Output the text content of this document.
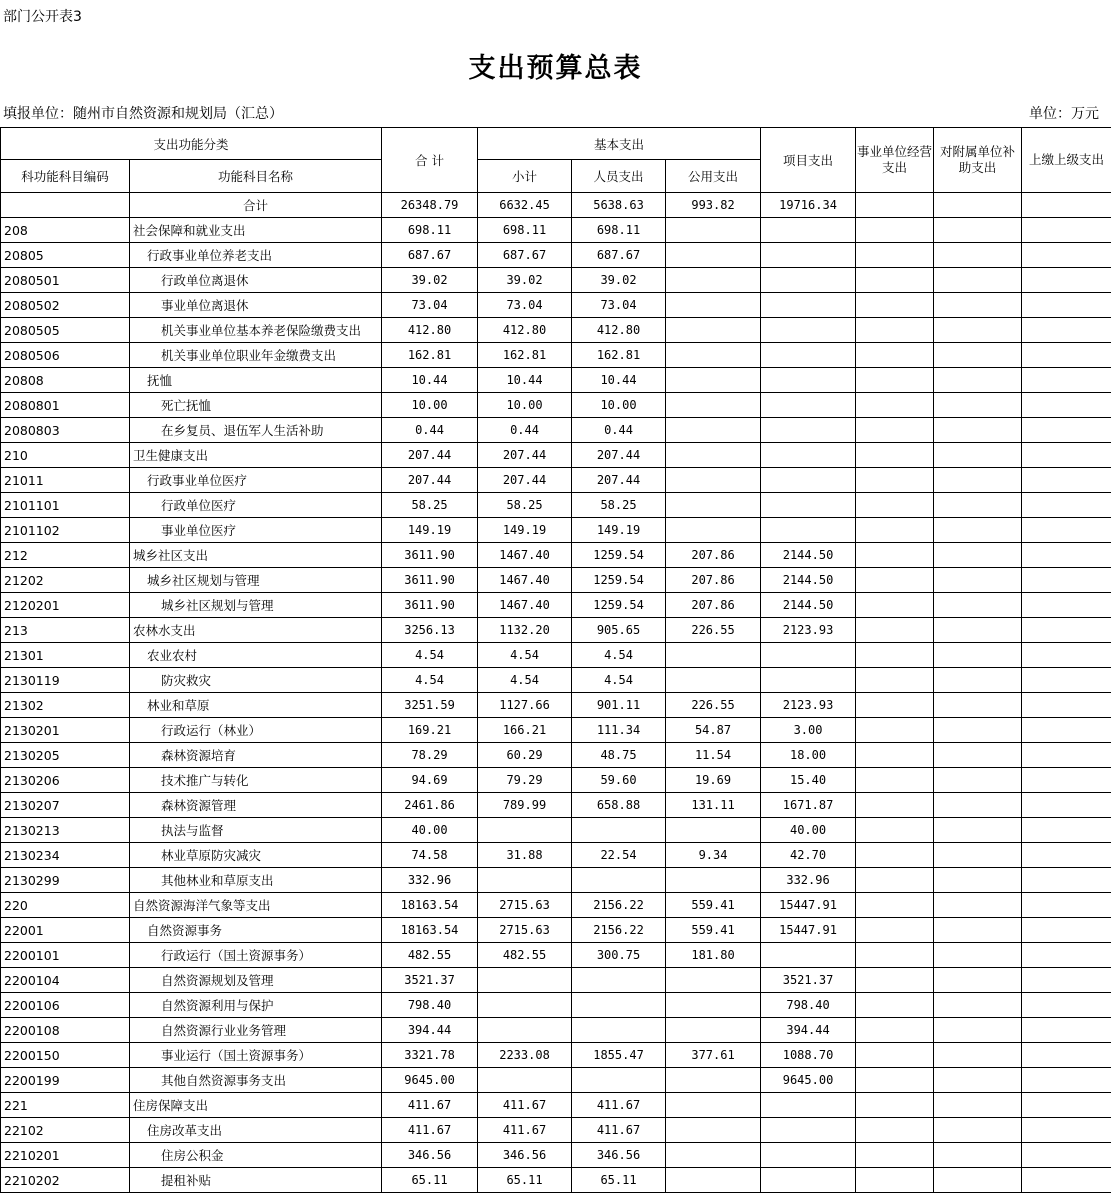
部门公开表3
支出预算总表
填报单位：随州市自然资源和规划局（汇总）	单位：万元
支出功能分类		合 计	基本支出			项目支出	事业单位经营支出	对附属单位补助支出	上缴上级支出
科功能科目编码	功能科目名称		小计	人员支出	公用支出				
	合计	26348.79	6632.45	5638.63	993.82	19716.34			
208	社会保障和就业支出	698.11	698.11	698.11					
20805	行政事业单位养老支出	687.67	687.67	687.67					
2080501	行政单位离退休	39.02	39.02	39.02					
2080502	事业单位离退休	73.04	73.04	73.04					
2080505	机关事业单位基本养老保险缴费支出	412.80	412.80	412.80					
2080506	机关事业单位职业年金缴费支出	162.81	162.81	162.81					
20808	抚恤	10.44	10.44	10.44					
2080801	死亡抚恤	10.00	10.00	10.00					
2080803	在乡复员、退伍军人生活补助	0.44	0.44	0.44					
210	卫生健康支出	207.44	207.44	207.44					
21011	行政事业单位医疗	207.44	207.44	207.44					
2101101	行政单位医疗	58.25	58.25	58.25					
2101102	事业单位医疗	149.19	149.19	149.19					
212	城乡社区支出	3611.90	1467.40	1259.54	207.86	2144.50			
21202	城乡社区规划与管理	3611.90	1467.40	1259.54	207.86	2144.50			
2120201	城乡社区规划与管理	3611.90	1467.40	1259.54	207.86	2144.50			
213	农林水支出	3256.13	1132.20	905.65	226.55	2123.93			
21301	农业农村	4.54	4.54	4.54					
2130119	防灾救灾	4.54	4.54	4.54					
21302	林业和草原	3251.59	1127.66	901.11	226.55	2123.93			
2130201	行政运行（林业）	169.21	166.21	111.34	54.87	3.00			
2130205	森林资源培育	78.29	60.29	48.75	11.54	18.00			
2130206	技术推广与转化	94.69	79.29	59.60	19.69	15.40			
2130207	森林资源管理	2461.86	789.99	658.88	131.11	1671.87			
2130213	执法与监督	40.00				40.00			
2130234	林业草原防灾减灾	74.58	31.88	22.54	9.34	42.70			
2130299	其他林业和草原支出	332.96				332.96			
220	自然资源海洋气象等支出	18163.54	2715.63	2156.22	559.41	15447.91			
22001	自然资源事务	18163.54	2715.63	2156.22	559.41	15447.91			
2200101	行政运行（国土资源事务）	482.55	482.55	300.75	181.80				
2200104	自然资源规划及管理	3521.37				3521.37			
2200106	自然资源利用与保护	798.40				798.40			
2200108	自然资源行业业务管理	394.44				394.44			
2200150	事业运行（国土资源事务）	3321.78	2233.08	1855.47	377.61	1088.70			
2200199	其他自然资源事务支出	9645.00				9645.00			
221	住房保障支出	411.67	411.67	411.67					
22102	住房改革支出	411.67	411.67	411.67					
2210201	住房公积金	346.56	346.56	346.56					
2210202	提租补贴	65.11	65.11	65.11					
